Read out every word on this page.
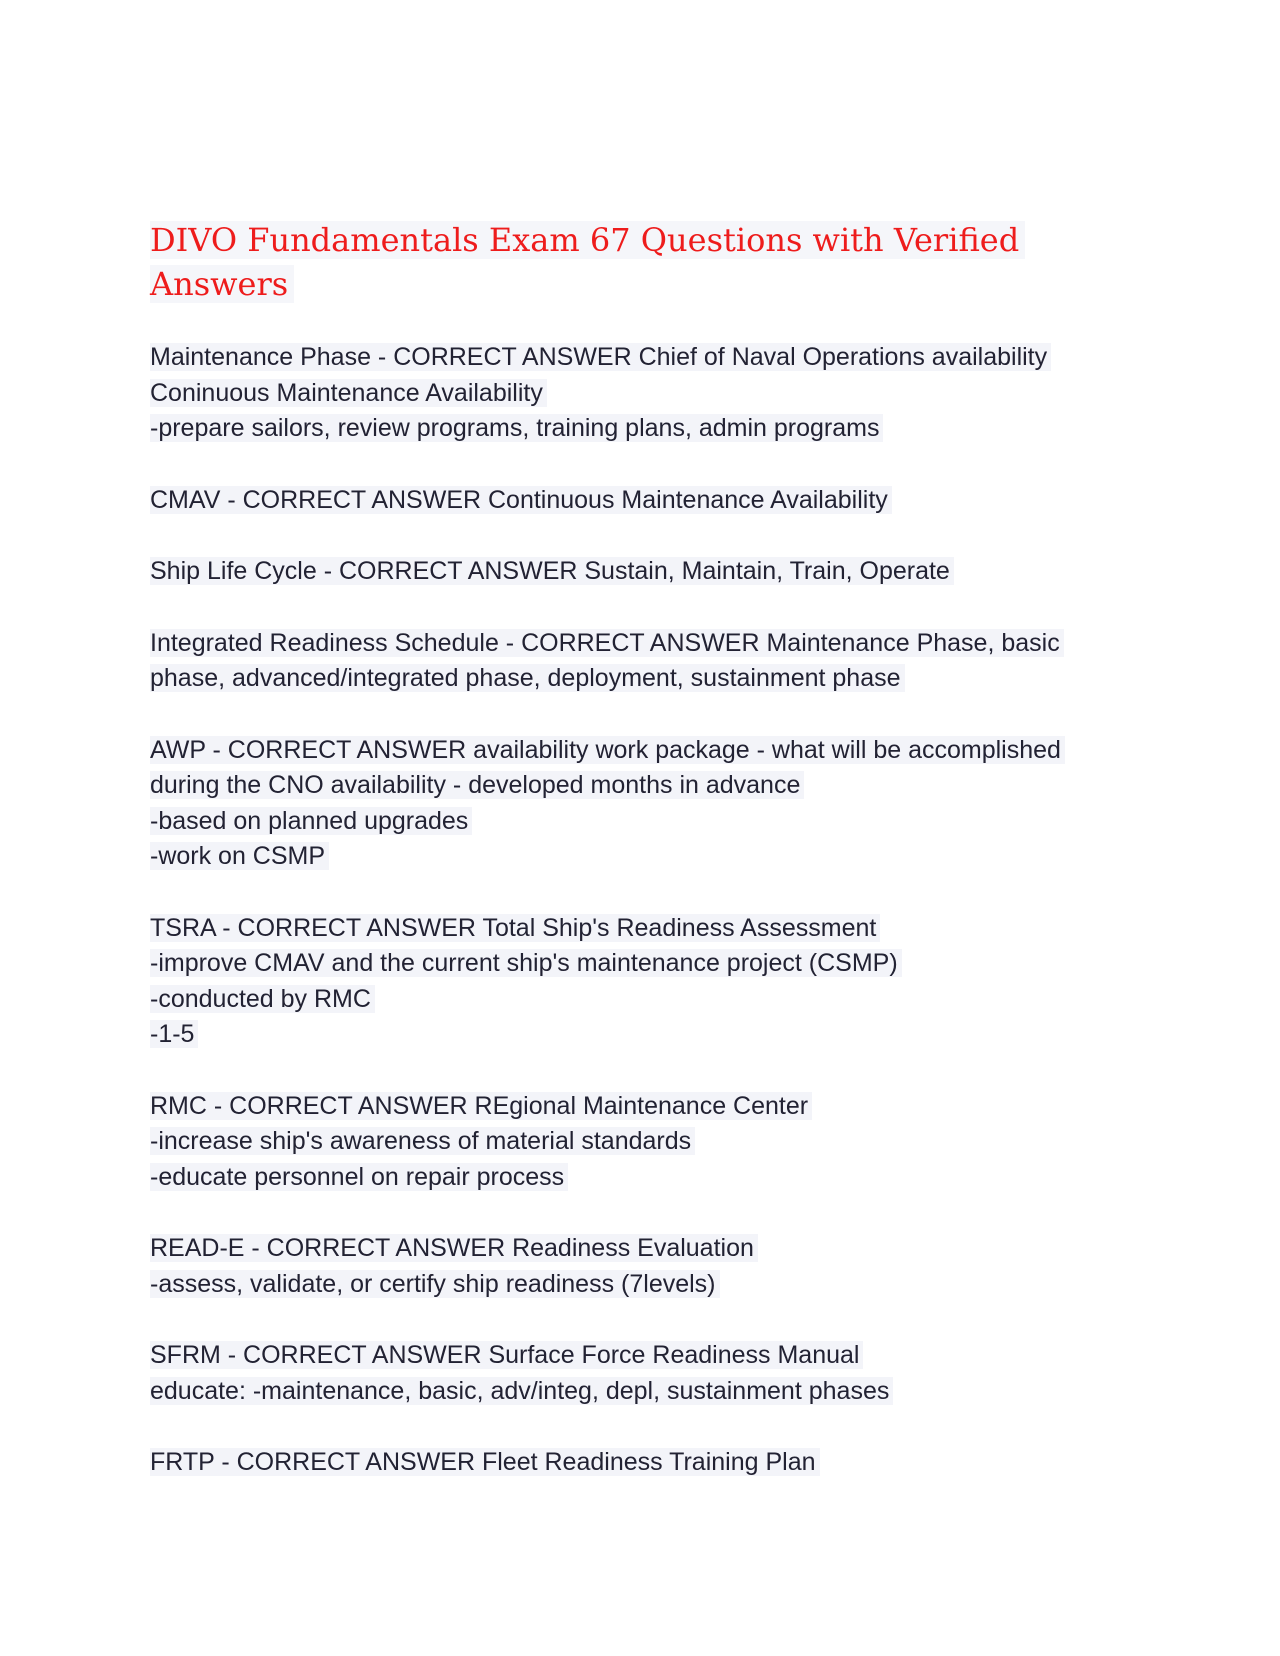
DIVO Fundamentals Exam 67 Questions with Verified
Answers
Maintenance Phase - CORRECT ANSWER Chief of Naval Operations availability
Coninuous Maintenance Availability
-prepare sailors, review programs, training plans, admin programs
CMAV - CORRECT ANSWER Continuous Maintenance Availability
Ship Life Cycle - CORRECT ANSWER Sustain, Maintain, Train, Operate
Integrated Readiness Schedule - CORRECT ANSWER Maintenance Phase, basic
phase, advanced/integrated phase, deployment, sustainment phase
AWP - CORRECT ANSWER availability work package - what will be accomplished
during the CNO availability - developed months in advance
-based on planned upgrades
-work on CSMP
TSRA - CORRECT ANSWER Total Ship's Readiness Assessment
-improve CMAV and the current ship's maintenance project (CSMP)
-conducted by RMC
-1-5
RMC - CORRECT ANSWER REgional Maintenance Center
-increase ship's awareness of material standards
-educate personnel on repair process
READ-E - CORRECT ANSWER Readiness Evaluation
-assess, validate, or certify ship readiness (7levels)
SFRM - CORRECT ANSWER Surface Force Readiness Manual
educate: -maintenance, basic, adv/integ, depl, sustainment phases
FRTP - CORRECT ANSWER Fleet Readiness Training Plan
